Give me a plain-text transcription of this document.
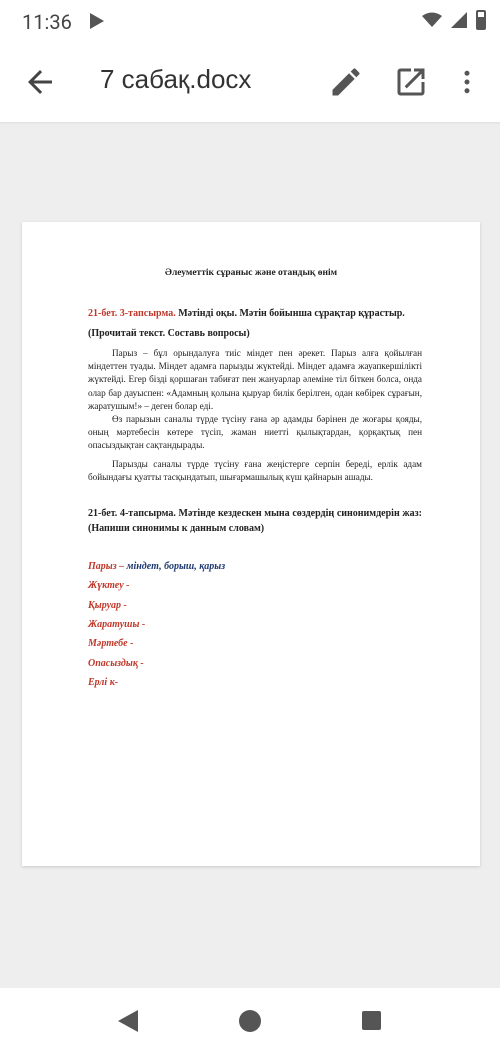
11:36
7 сабақ.docx
Әлеуметтік сұраныс және отандық өнім
21-бет. 3-тапсырма. Мәтінді оқы. Мәтін бойынша сұрақтар құрастыр.
(Прочитай текст. Составь вопросы)
Парыз – бұл орындалуға тиіс міндет пен әрекет. Парыз алға қойылған міндеттен туады. Міндет адамға парызды жүктейді. Міндет адамға жауапкершілікті жүктейді. Егер бізді қоршаған табиғат пен жануарлар әлеміне тіл біткен болса, онда олар бар дауыспен: «Адамның қолына қыруар билік берілген, одан көбірек сұрағын, жаратушым!» – деген болар еді.
Өз парызын саналы түрде түсіну ғана әр адамды бәрінен де жоғары қояды, оның мәртебесін көтере түсіп, жаман ниетті қылықтардан, қорқақтық пен опасыздықтан сақтандырады.
Парызды саналы түрде түсіну ғана жеңістерге серпін береді, ерлік адам бойындағы қуатты тасқындатып, шығармашылық күш қайнарын ашады.
21-бет. 4-тапсырма. Мәтінде кездескен мына сөздердің синонимдерін жаз: (Напиши синонимы к данным словам)
Парыз – міндет, борыш, қарыз
Жүктеу -
Қыруар -
Жаратушы -
Мәртебе -
Опасыздық -
Ерлі к-
